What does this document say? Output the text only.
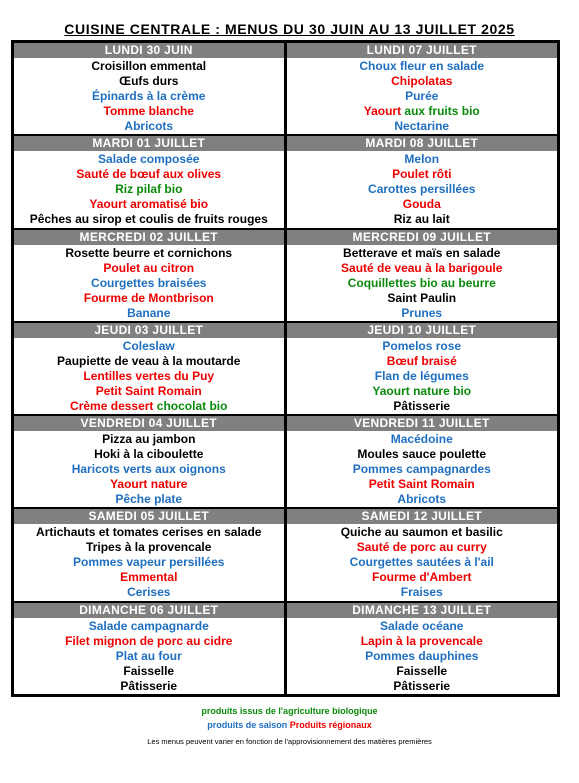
CUISINE CENTRALE : MENUS DU 30 JUIN AU 13 JUILLET 2025
LUNDI 30 JUIN
Croisillon emmental
Œufs durs
Épinards à la crème
Tomme blanche
Abricots
LUNDI 07 JUILLET
Choux fleur en salade
Chipolatas
Purée
Yaourt aux fruits bio
Nectarine
MARDI 01 JUILLET
Salade composée
Sauté de bœuf aux olives
Riz pilaf bio
Yaourt aromatisé bio
Pêches au sirop et coulis de fruits rouges
MARDI 08 JUILLET
Melon
Poulet rôti
Carottes persillées
Gouda
Riz au lait
MERCREDI 02 JUILLET
Rosette beurre et cornichons
Poulet au citron
Courgettes braisées
Fourme de Montbrison
Banane
MERCREDI 09 JUILLET
Betterave et maïs en salade
Sauté de veau à la barigoule
Coquillettes bio au beurre
Saint Paulin
Prunes
JEUDI 03 JUILLET
Coleslaw
Paupiette de veau à la moutarde
Lentilles vertes du Puy
Petit Saint Romain
Crème dessert chocolat bio
JEUDI 10 JUILLET
Pomelos rose
Bœuf braisé
Flan de légumes
Yaourt nature bio
Pâtisserie
VENDREDI 04 JUILLET
Pizza au jambon
Hoki à la ciboulette
Haricots verts aux oignons
Yaourt nature
Pêche plate
VENDREDI 11 JUILLET
Macédoine
Moules sauce poulette
Pommes campagnardes
Petit Saint Romain
Abricots
SAMEDI 05 JUILLET
Artichauts et tomates cerises en salade
Tripes à la provencale
Pommes vapeur persillées
Emmental
Cerises
SAMEDI 12 JUILLET
Quiche au saumon et basilic
Sauté de porc au curry
Courgettes sautées à l'ail
Fourme d'Ambert
Fraises
DIMANCHE 06 JUILLET
Salade campagnarde
Filet mignon de porc au cidre
Plat au four
Faisselle
Pâtisserie
DIMANCHE 13 JUILLET
Salade océane
Lapin à la provencale
Pommes dauphines
Faisselle
Pâtisserie
produits issus de l'agriculture biologique
produits de saison Produits régionaux
Les menus peuvent varier en fonction de l'approvisionnement des matières premières
